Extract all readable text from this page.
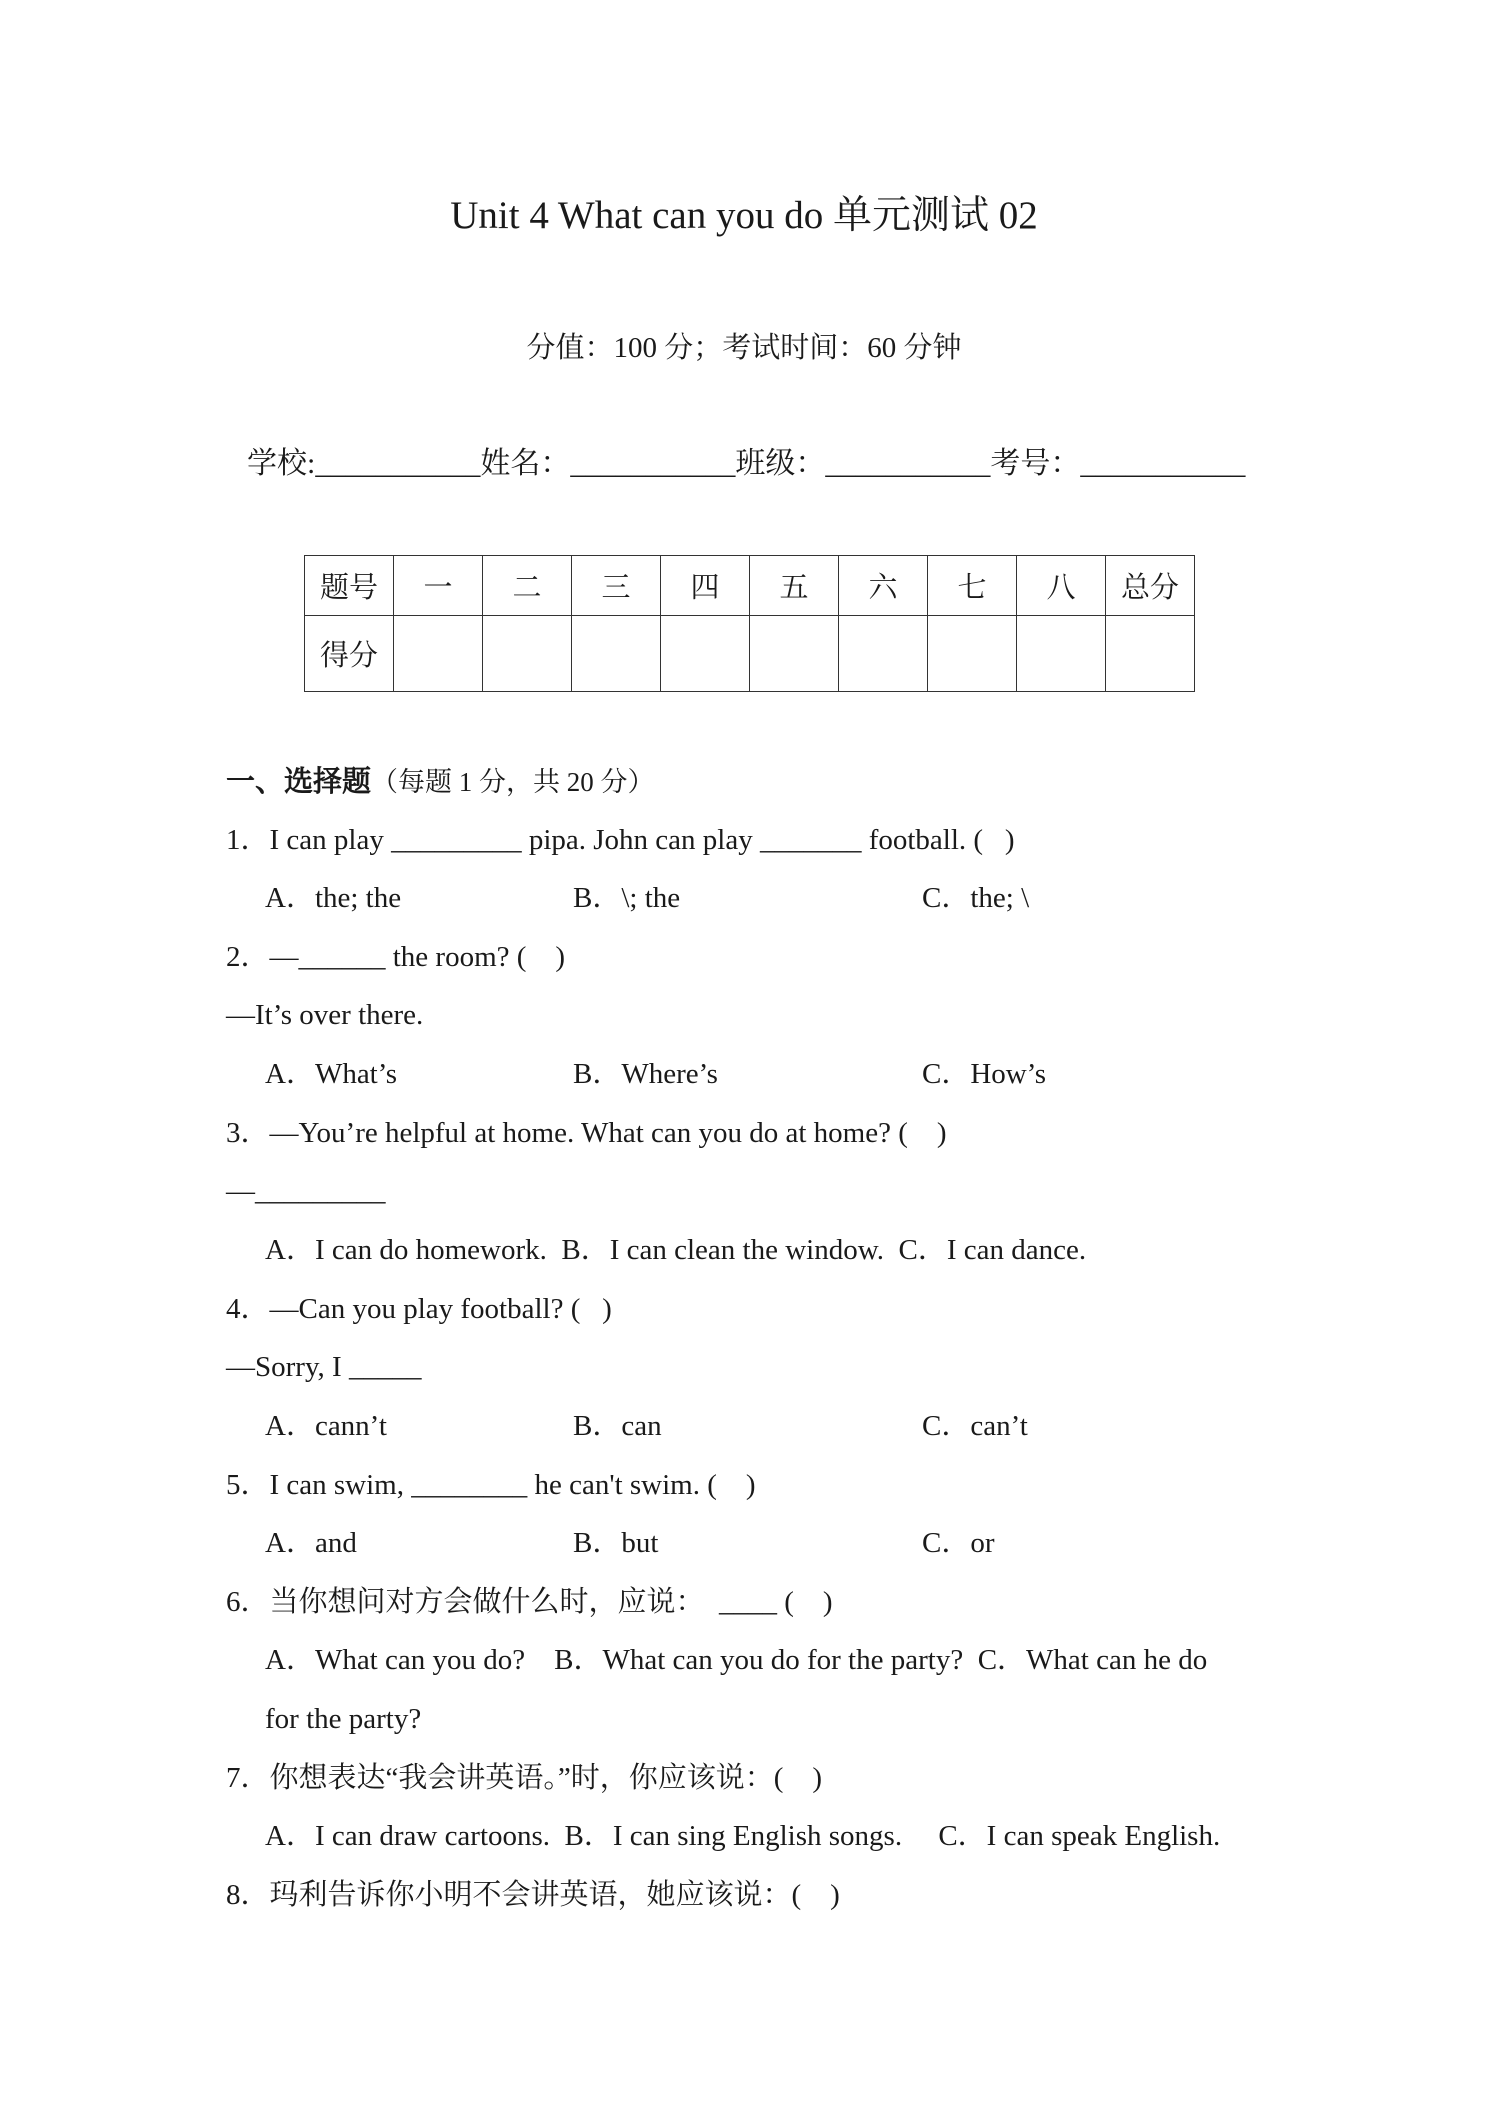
Unit 4 What can you do 单元测试 02
分值：100 分；考试时间：60 分钟
学校:___________姓名：___________班级：___________考号：___________
题号	一	二	三	四	五	六	七	八	总分
得分									
一、选择题（每题 1 分，共 20 分）
1．I can play _________ pipa. John can play _______ football. (   )
A．the; the	B．\; the	C．the; \
2．—______ the room? (    )
—It’s over there.
A．What’s	B．Where’s	C．How’s
3．—You’re helpful at home. What can you do at home? (    )
—_________
A．I can do homework.  B．I can clean the window.  C．I can dance.
4．—Can you play football? (   )
—Sorry, I _____
A．cann’t	B．can	C．can’t
5．I can swim, ________ he can't swim. (    )
A．and	B．but	C．or
6．当你想问对方会做什么时，应说：  ____ (    )
A．What can you do?    B．What can you do for the party?  C．What can he do
for the party?
7．你想表达“我会讲英语。”时，你应该说：(    )
A．I can draw cartoons.  B．I can sing English songs.     C．I can speak English.
8．玛利告诉你小明不会讲英语，她应该说：(    )
